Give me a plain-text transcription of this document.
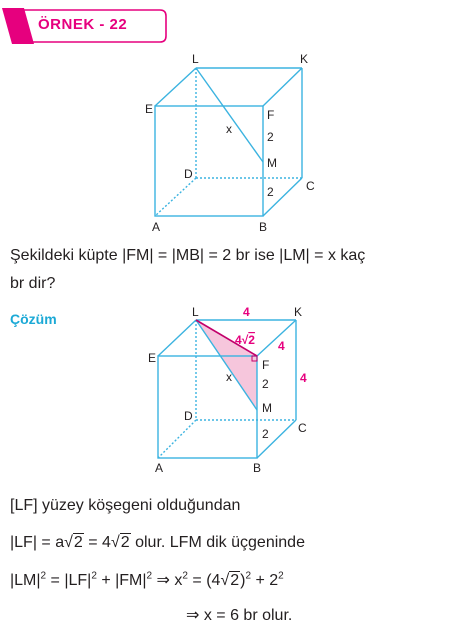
ÖRNEK - 22
L	K
E	F
x
2
M
D
C
2
A	B
Şekildeki küpte |FM| = |MB| = 2 br ise |LM| = x kaç
br dir?
Çözüm	L	K
4
4√2 4
4
E	F
x	2
M
D
C
2
A	B
[LF] yüzey köşegeni olduğundan
|LF| = a√2 = 4√2 olur. LFM dik üçgeninde
$|LM|^2 = |LF|^2 + |FM|^2$ ⇒ $x^2 = (4√2)^2 + 2^2$
⇒ x = 6 br olur.
